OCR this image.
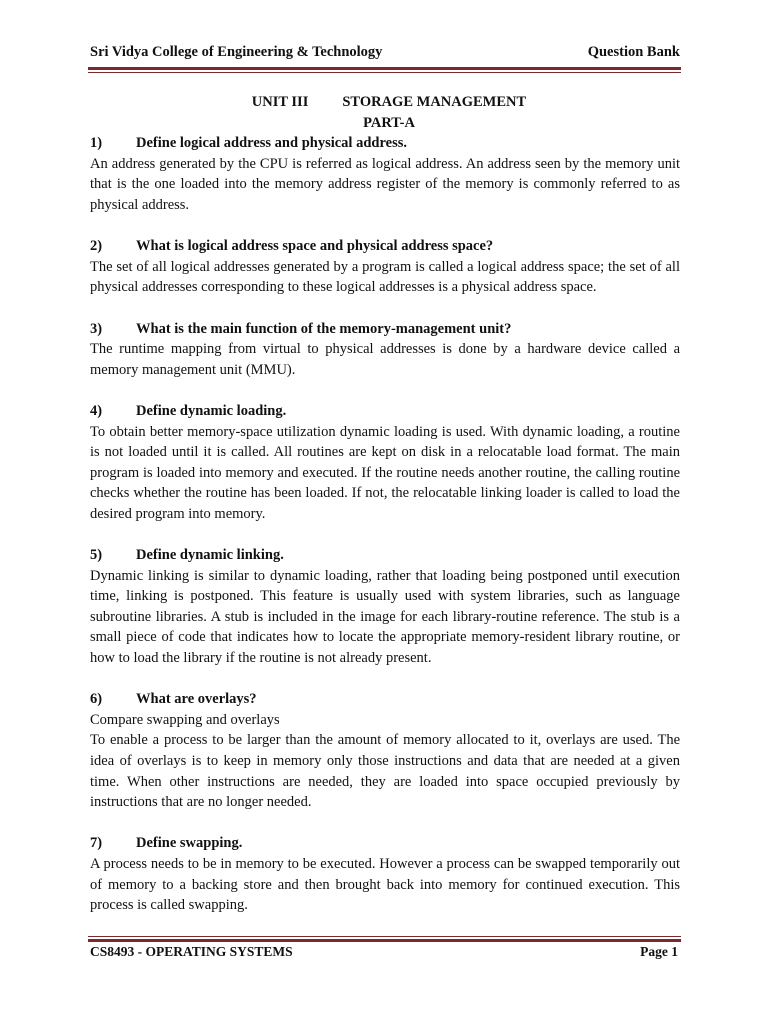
Sri Vidya College of Engineering & Technology	Question Bank

UNIT III STORAGE MANAGEMENT

PART-A

1)	Define logical address and physical address.

An address generated by the CPU is referred as logical address. An address seen by the memory unit that is the one loaded into the memory address register of the memory is commonly referred to as physical address.

2)	What is logical address space and physical address space?

The set of all logical addresses generated by a program is called a logical address space; the set of all physical addresses corresponding to these logical addresses is a physical address space.

3)	What is the main function of the memory-management unit?

The runtime mapping from virtual to physical addresses is done by a hardware device called a memory management unit (MMU).

4)	Define dynamic loading.

To obtain better memory-space utilization dynamic loading is used. With dynamic loading, a routine is not loaded until it is called. All routines are kept on disk in a relocatable load format. The main program is loaded into memory and executed. If the routine needs another routine, the calling routine checks whether the routine has been loaded. If not, the relocatable linking loader is called to load the desired program into memory.

5)	Define dynamic linking.

Dynamic linking is similar to dynamic loading, rather that loading being postponed until execution time, linking is postponed. This feature is usually used with system libraries, such as language subroutine libraries. A stub is included in the image for each library-routine reference. The stub is a small piece of code that indicates how to locate the appropriate memory-resident library routine, or how to load the library if the routine is not already present.

6)	What are overlays?

Compare swapping and overlays

To enable a process to be larger than the amount of memory allocated to it, overlays are used. The idea of overlays is to keep in memory only those instructions and data that are needed at a given time. When other instructions are needed, they are loaded into space occupied previously by instructions that are no longer needed.

7)	Define swapping.

A process needs to be in memory to be executed. However a process can be swapped temporarily out of memory to a backing store and then brought back into memory for continued execution. This process is called swapping.

CS8493 - OPERATING SYSTEMS	Page 1
